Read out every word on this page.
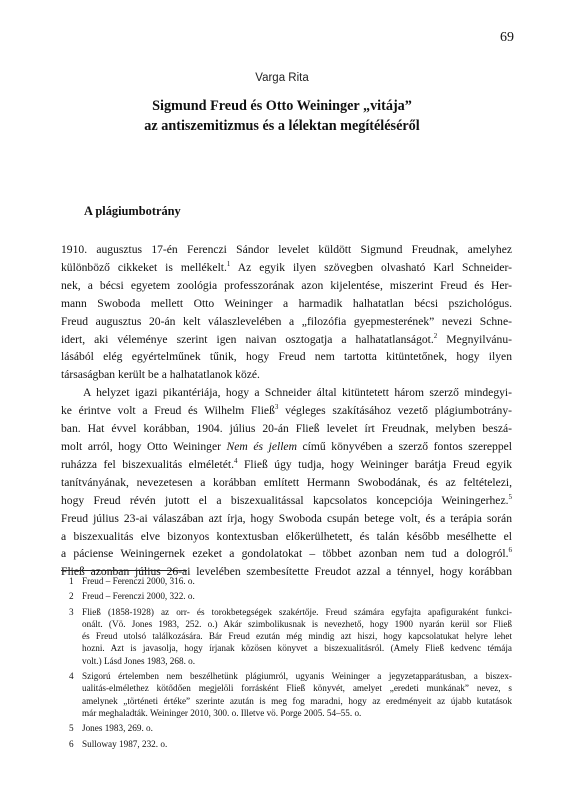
69
Varga Rita
Sigmund Freud és Otto Weininger „vitája”
az antiszemitizmus és a lélektan megítéléséről
A plágiumbotrány

1910. augusztus 17-én Ferenczi Sándor levelet küldött Sigmund Freudnak, amelyhez
különböző cikkeket is mellékelt.$^1$ Az egyik ilyen szövegben olvasható Karl Schneider-
nek, a bécsi egyetem zoológia professzorának azon kijelentése, miszerint Freud és Her-
mann Swoboda mellett Otto Weininger a harmadik halhatatlan bécsi pszichológus.
Freud augusztus 20-án kelt válaszlevelében a „filozófia gyepmesterének” nevezi Schne-
idert, aki véleménye szerint igen naivan osztogatja a halhatatlanságot.$^2$ Megnyilvánu-
lásából elég egyértelműnek tűnik, hogy Freud nem tartotta kitüntetőnek, hogy ilyen
társaságban került be a halhatatlanok közé.

A helyzet igazi pikantériája, hogy a Schneider által kitüntetett három szerző mindegyi-
ke érintve volt a Freud és Wilhelm Fließ$^3$ végleges szakításához vezető plágiumbotrány-
ban. Hat évvel korábban, 1904. július 20-án Fließ levelet írt Freudnak, melyben beszá-
molt arról, hogy Otto Weininger Nem és jellem című könyvében a szerző fontos szereppel
ruházza fel biszexualitás elméletét.$^4$ Fließ úgy tudja, hogy Weininger barátja Freud egyik
tanítványának, nevezetesen a korábban említett Hermann Swobodának, és az feltételezi,
hogy Freud révén jutott el a biszexualitással kapcsolatos koncepciója Weiningerhez.$^5$
Freud július 23-ai válaszában azt írja, hogy Swoboda csupán betege volt, és a terápia során
a biszexualitás elve bizonyos kontextusban előkerülhetett, és talán később mesélhette el
a páciense Weiningernek ezeket a gondolatokat – többet azonban nem tud a dologról.$^6$
Fließ azonban július 26-ai levelében szembesítette Freudot azzal a ténnyel, hogy korábban

1 Freud – Ferenczi 2000, 316. o.
2 Freud – Ferenczi 2000, 322. o.
3 Fließ (1858-1928) az orr- és torokbetegségek szakértője. Freud számára egyfajta apafiguraként funkci-
onált. (Vö. Jones 1983, 252. o.) Akár szimbolikusnak is nevezhető, hogy 1900 nyarán kerül sor Fließ
és Freud utolsó találkozására. Bár Freud ezután még mindig azt hiszi, hogy kapcsolatukat helyre lehet
hozni. Azt is javasolja, hogy írjanak közösen könyvet a biszexualitásról. (Amely Fließ kedvenc témája
volt.) Lásd Jones 1983, 268. o.
4 Szigorú értelemben nem beszélhetünk plágiumról, ugyanis Weininger a jegyzetapparátusban, a biszex-
ualitás-elmélethez kötődően megjelöli forrásként Fließ könyvét, amelyet „eredeti munkának” nevez, s
amelynek „történeti értéke” szerinte azután is meg fog maradni, hogy az eredményeit az újabb kutatások
már meghaladták. Weininger 2010, 300. o. Illetve vö. Porge 2005. 54–55. o.
5 Jones 1983, 269. o.
6 Sulloway 1987, 232. o.
